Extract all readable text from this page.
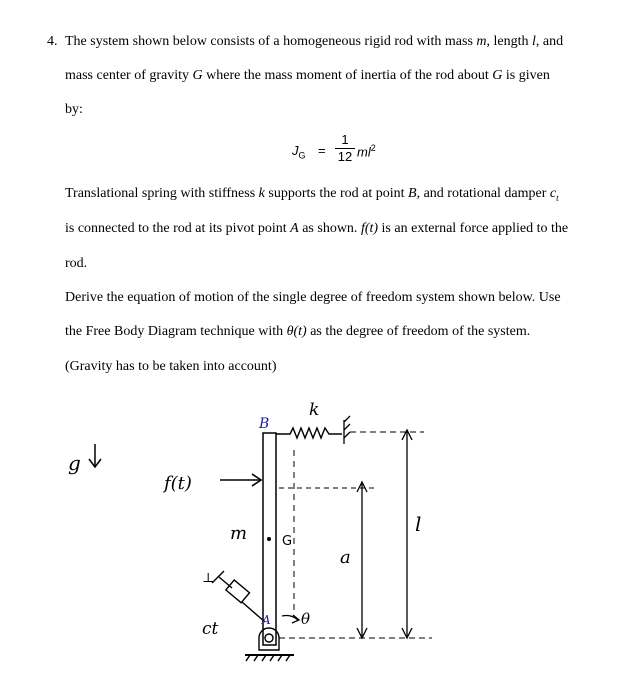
4. The system shown below consists of a homogeneous rigid rod with mass m, length l, and
mass center of gravity G where the mass moment of inertia of the rod about G is given
by:
$J_G$ =
1
12 $ml^2$
Translational spring with stiffness k supports the rod at point B, and rotational damper $c_t$
is connected to the rod at its pivot point A as shown. f(t) is an external force applied to the
rod.
Derive the equation of motion of the single degree of freedom system shown below. Use
the Free Body Diagram technique with θ(t) as the degree of freedom of the system.
(Gravity has to be taken into account)
g
f(t)
B
m	G
k
a
l
⊥
ct	A θ
